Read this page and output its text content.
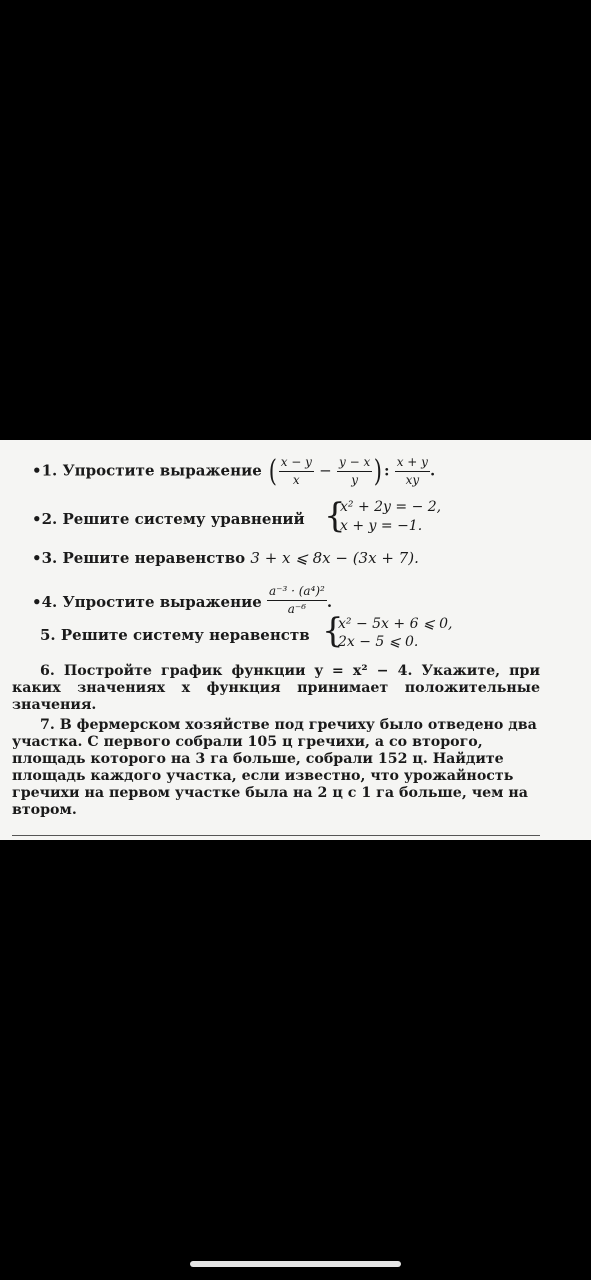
•1. Упростите выражение ( $\frac{x - y}{x} - \frac{y - x}{y}$ ) : $\frac{x + y}{xy}$ .
•2. Решите систему уравнений {
x² + 2y = − 2,
x + y = −1.
•3. Решите неравенство 3 + x ⩽ 8x − (3x + 7).
•4. Упростите выражение $\frac{\text{a⁻³ · (a⁴)²}}{\text{a⁻⁶}}$ .
5. Решите систему неравенств {
x² − 5x + 6 ⩽ 0,
2x − 5 ⩽ 0.
6. Постройте график функции y = x² − 4. Укажите, при каких значениях x функция принимает положительные значения.
7. В фермерском хозяйстве под гречиху было отведено два участка. С первого собрали 105 ц гречихи, а со второго, площадь которого на 3 га больше, собрали 152 ц. Найдите площадь каждого участка, если известно, что урожайность гречихи на первом участке была на 2 ц с 1 га больше, чем на втором.
